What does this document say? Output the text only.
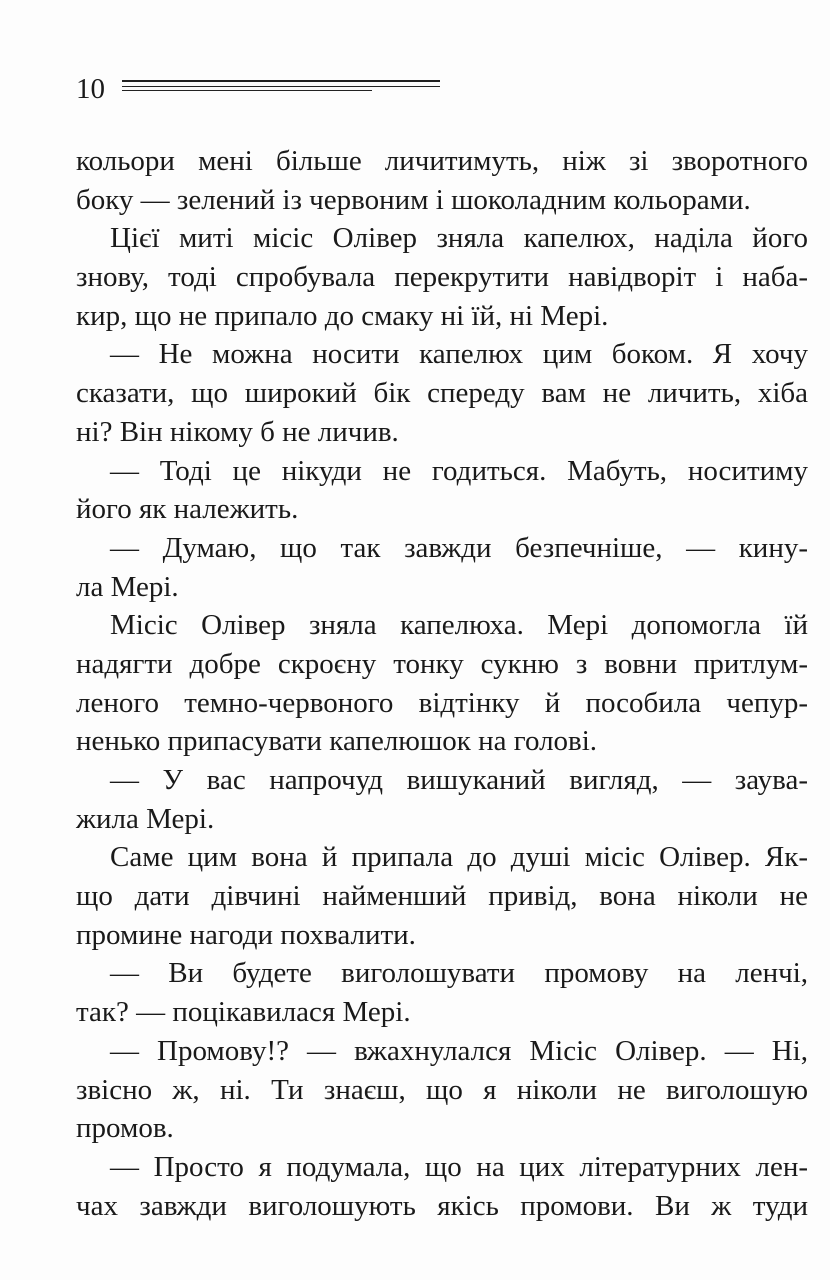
10
кольори мені більше личитимуть, ніж зі зворотного
боку — зелений із червоним і шоколадним кольорами.
Цієї миті місіс Олівер зняла капелюх, наділа його
знову, тоді спробувала перекрутити навідворіт і наба-
кир, що не припало до смаку ні їй, ні Мері.
— Не можна носити капелюх цим боком. Я хочу
сказати, що широкий бік спереду вам не личить, хіба
ні? Він нікому б не личив.
— Тоді це нікуди не годиться. Мабуть, носитиму
його як належить.
— Думаю, що так завжди безпечніше, — кину-
ла Мері.
Місіс Олівер зняла капелюха. Мері допомогла їй
надягти добре скроєну тонку сукню з вовни притлум-
леного темно-червоного відтінку й пособила чепур-
ненько припасувати капелюшок на голові.
— У вас напрочуд вишуканий вигляд, — заува-
жила Мері.
Саме цим вона й припала до душі місіс Олівер. Як-
що дати дівчині найменший привід, вона ніколи не
промине нагоди похвалити.
— Ви будете виголошувати промову на ленчі,
так? — поцікавилася Мері.
— Промову!? — вжахнулался Місіс Олівер. — Ні,
звісно ж, ні. Ти знаєш, що я ніколи не виголошую
промов.
— Просто я подумала, що на цих літературних лен-
чах завжди виголошують якісь промови. Ви ж туди
